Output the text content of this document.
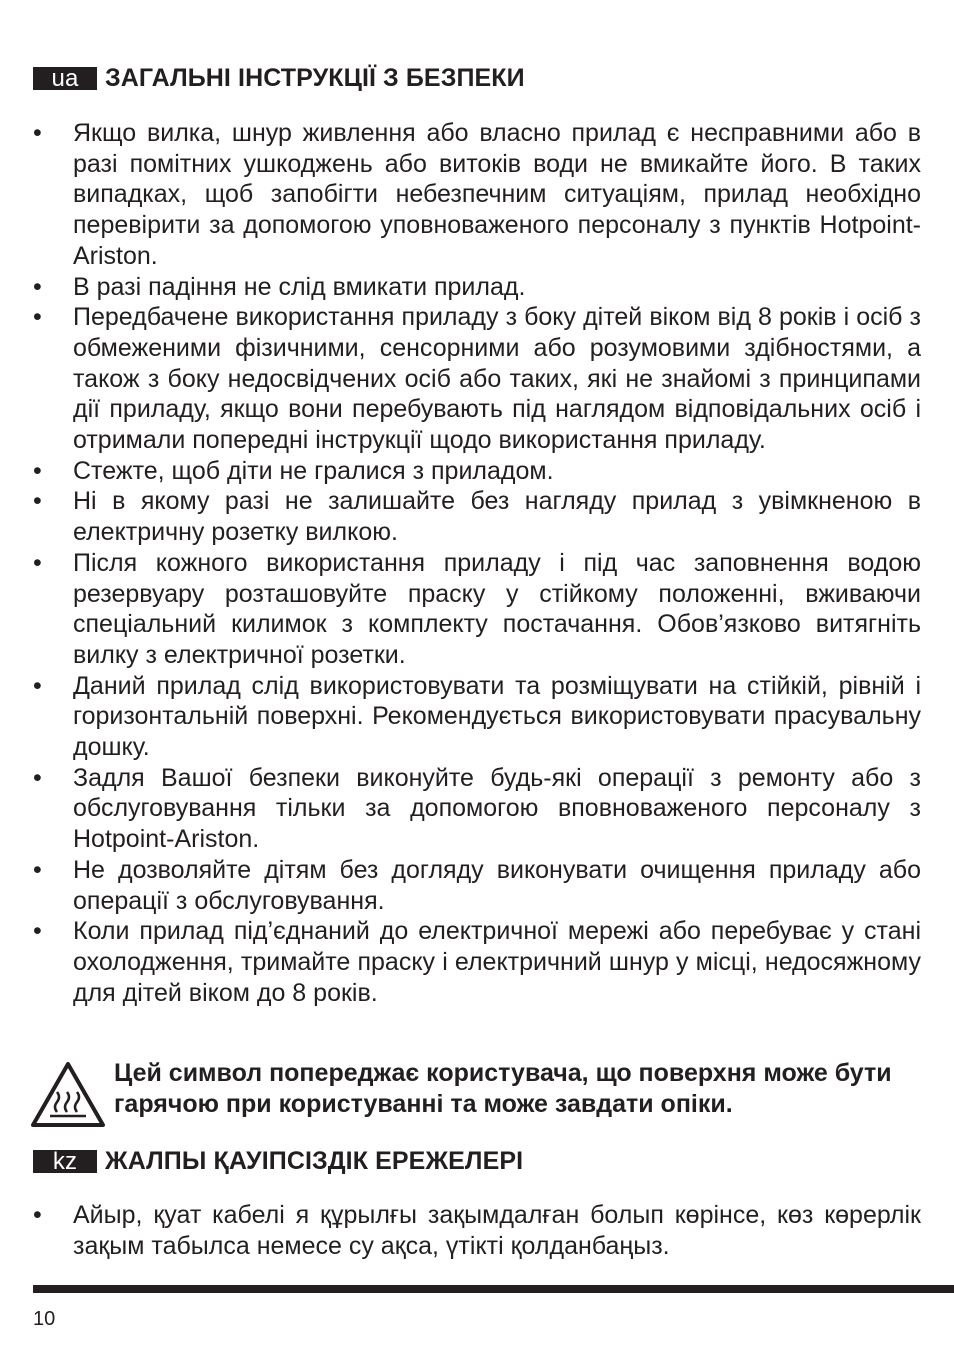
ua	ЗАГАЛЬНІ ІНСТРУКЦІЇ З БЕЗПЕКИ
• Якщо вилка, шнур живлення або власно прилад є несправними або в разі помітних ушкоджень або витоків води не вмикайте його. В таких випадках, щоб запобігти небезпечним ситуаціям, прилад необхідно перевірити за допомогою уповноваженого персоналу з пунктів Hotpoint-Ariston.
• В разі падіння не слід вмикати прилад.
• Передбачене використання приладу з боку дітей віком від 8 років і осіб з обмеженими фізичними, сенсорними або розумовими здібностями, а також з боку недосвідчених осіб або таких, які не знайомі з принципами дії приладу, якщо вони перебувають під наглядом відповідальних осіб і отримали попередні інструкції щодо використання приладу.
• Стежте, щоб діти не гралися з приладом.
• Ні в якому разі не залишайте без нагляду прилад з увімкненою в електричну розетку вилкою.
• Після кожного використання приладу і під час заповнення водою резервуару розташовуйте праску у стійкому положенні, вживаючи спеціальний килимок з комплекту постачання. Обов’язково витягніть вилку з електричної розетки.
• Даний прилад слід використовувати та розміщувати на стійкій, рівній і горизонтальній поверхні. Рекомендується використовувати прасувальну дошку.
• Задля Вашої безпеки виконуйте будь-які операції з ремонту або з обслуговування тільки за допомогою вповноваженого персоналу з Hotpoint-Ariston.
• Не дозволяйте дітям без догляду виконувати очищення приладу або операції з обслуговування.
• Коли прилад під’єднаний до електричної мережі або перебуває у стані охолодження, тримайте праску і електричний шнур у місці, недосяжному для дітей віком до 8 років.
Цей символ попереджає користувача, що поверхня може бути гарячою при користуванні та може завдати опіки.
kz	ЖАЛПЫ ҚАУІПСІЗДІК ЕРЕЖЕЛЕРІ
• Айыр, қуат кабелі я құрылғы зақымдалған болып көрінсе, көз көрерлік зақым табылса немесе су ақса, үтікті қолданбаңыз.
10
